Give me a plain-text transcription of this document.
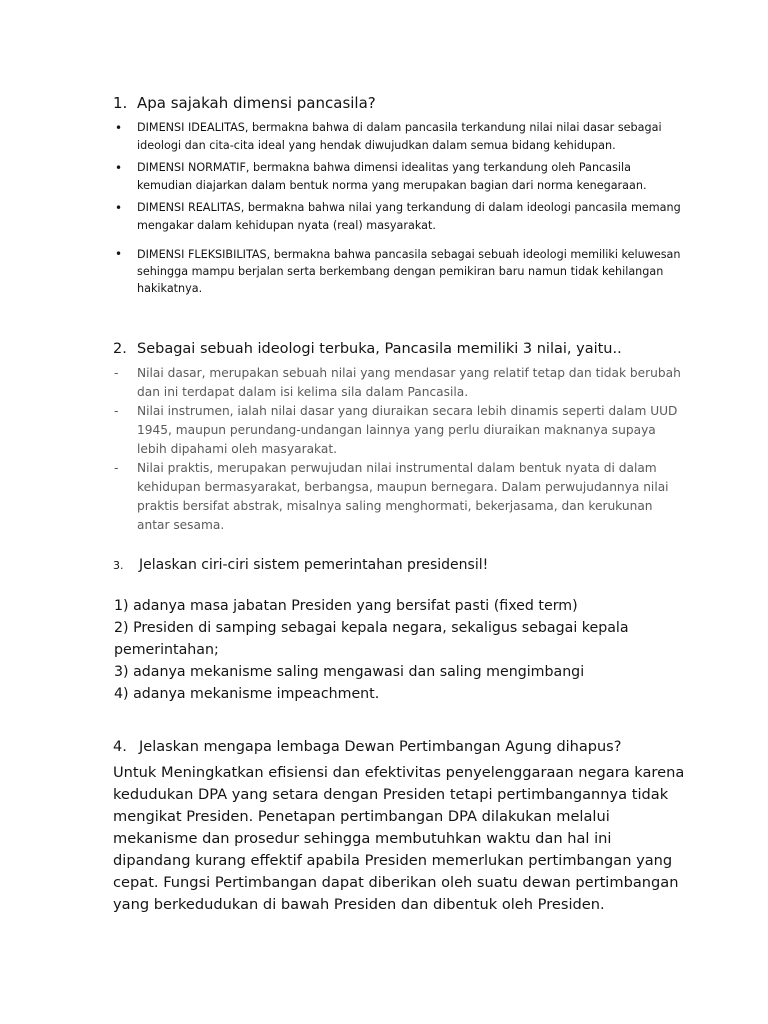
1. Apa sajakah dimensi pancasila?
• DIMENSI IDEALITAS, bermakna bahwa di dalam pancasila terkandung nilai nilai dasar sebagai ideologi dan cita-cita ideal yang hendak diwujudkan dalam semua bidang kehidupan.
• DIMENSI NORMATIF, bermakna bahwa dimensi idealitas yang terkandung oleh Pancasila kemudian diajarkan dalam bentuk norma yang merupakan bagian dari norma kenegaraan.
• DIMENSI REALITAS, bermakna bahwa nilai yang terkandung di dalam ideologi pancasila memang mengakar dalam kehidupan nyata (real) masyarakat.
• DIMENSI FLEKSIBILITAS, bermakna bahwa pancasila sebagai sebuah ideologi memiliki keluwesan sehingga mampu berjalan serta berkembang dengan pemikiran baru namun tidak kehilangan hakikatnya.
2. Sebagai sebuah ideologi terbuka, Pancasila memiliki 3 nilai, yaitu..
- Nilai dasar, merupakan sebuah nilai yang mendasar yang relatif tetap dan tidak berubah dan ini terdapat dalam isi kelima sila dalam Pancasila.
- Nilai instrumen, ialah nilai dasar yang diuraikan secara lebih dinamis seperti dalam UUD 1945, maupun perundang-undangan lainnya yang perlu diuraikan maknanya supaya lebih dipahami oleh masyarakat.
- Nilai praktis, merupakan perwujudan nilai instrumental dalam bentuk nyata di dalam kehidupan bermasyarakat, berbangsa, maupun bernegara. Dalam perwujudannya nilai praktis bersifat abstrak, misalnya saling menghormati, bekerjasama, dan kerukunan antar sesama.
3. Jelaskan ciri-ciri sistem pemerintahan presidensil!
1) adanya masa jabatan Presiden yang bersifat pasti (fixed term)
2) Presiden di samping sebagai kepala negara, sekaligus sebagai kepala pemerintahan;
3) adanya mekanisme saling mengawasi dan saling mengimbangi
4) adanya mekanisme impeachment.
4. Jelaskan mengapa lembaga Dewan Pertimbangan Agung dihapus?
Untuk Meningkatkan efisiensi dan efektivitas penyelenggaraan negara karena kedudukan DPA yang setara dengan Presiden tetapi pertimbangannya tidak mengikat Presiden. Penetapan pertimbangan DPA dilakukan melalui mekanisme dan prosedur sehingga membutuhkan waktu dan hal ini dipandang kurang effektif apabila Presiden memerlukan pertimbangan yang cepat. Fungsi Pertimbangan dapat diberikan oleh suatu dewan pertimbangan yang berkedudukan di bawah Presiden dan dibentuk oleh Presiden.
